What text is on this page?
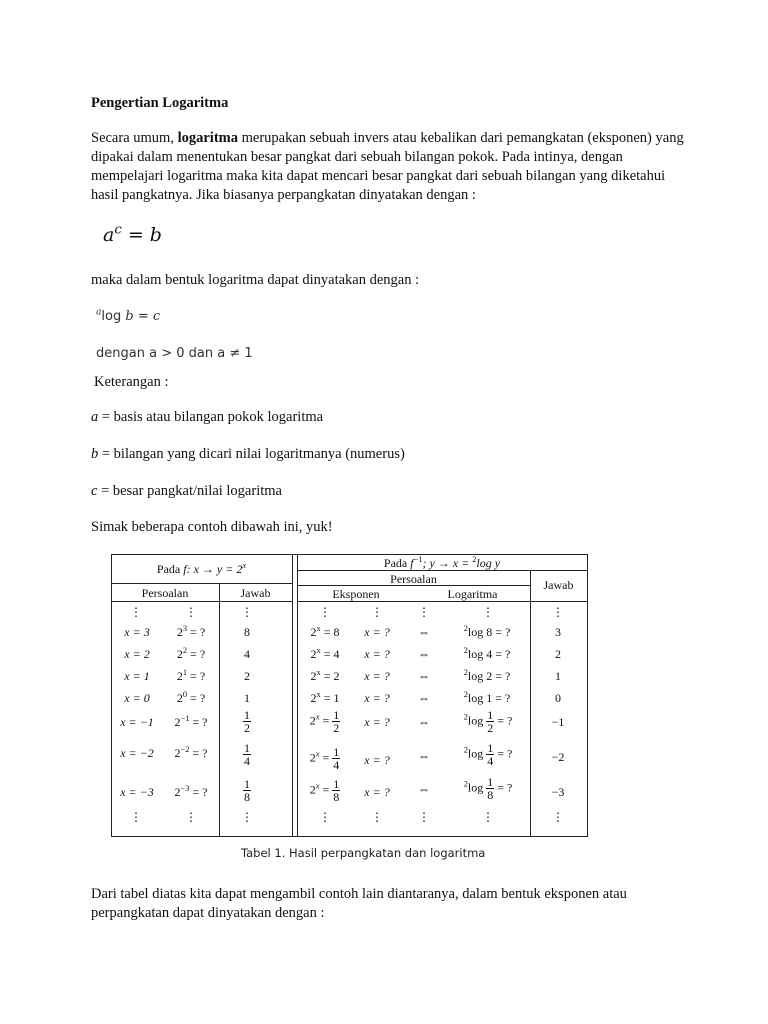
Pengertian Logaritma
Secara umum, logaritma merupakan sebuah invers atau kebalikan dari pemangkatan (eksponen) yang dipakai dalam menentukan besar pangkat dari sebuah bilangan pokok. Pada intinya, dengan mempelajari logaritma maka kita dapat mencari besar pangkat dari sebuah bilangan yang diketahui hasil pangkatnya. Jika biasanya perpangkatan dinyatakan dengan :
$a^c = b$
maka dalam bentuk logaritma dapat dinyatakan dengan :
$^a$log b = c
dengan a > 0 dan a ≠ 1
Keterangan :
a = basis atau bilangan pokok logaritma
b = bilangan yang dicari nilai logaritmanya (numerus)
c = besar pangkat/nilai logaritma
Simak beberapa contoh dibawah ini, yuk!
Pada f: $x \to y = 2^x$
Persoalan	Jawab
Pada $f^{-1}$; y → x = $^2$log y
Persoalan	Jawab
Eksponen	Logaritma
⋮	⋮	⋮	⋮	⋮	⋮	⋮	⋮
x = 3	$2^3$ = ?	8	$2^x = 8$	x = ?	⇔	$^2$log 8 = ?	3
x = 2	$2^2$ = ?	4	$2^x = 4$	x = ?	⇔	$^2$log 4 = ?	2
x = 1	$2^1$ = ?	2	$2^x = 2$	x = ?	⇔	$^2$log 2 = ?	1
x = 0	$2^0$ = ?	1	$2^x = 1$	x = ?	⇔	$^2$log 1 = ?	0
x = −1	$2^{-1}$ = ?	$\frac{1}{2}$	$2^x = \frac{1}{2}$	x = ?	⇔	$^2\log \frac{1}{2}$ = ?	−1
x = −2	$2^{-2}$ = ?	$\frac{1}{4}$	$2^x = \frac{1}{4}$	x = ?	⇔	$^2\log \frac{1}{4}$ = ?	−2
x = −3	$2^{-3}$ = ?	$\frac{1}{8}$	$2^x = \frac{1}{8}$	x = ?	⇔	$^2\log \frac{1}{8}$ = ?	−3
⋮	⋮	⋮	⋮	⋮	⋮	⋮	⋮
Tabel 1. Hasil perpangkatan dan logaritma
Dari tabel diatas kita dapat mengambil contoh lain diantaranya, dalam bentuk eksponen atau perpangkatan dapat dinyatakan dengan :
